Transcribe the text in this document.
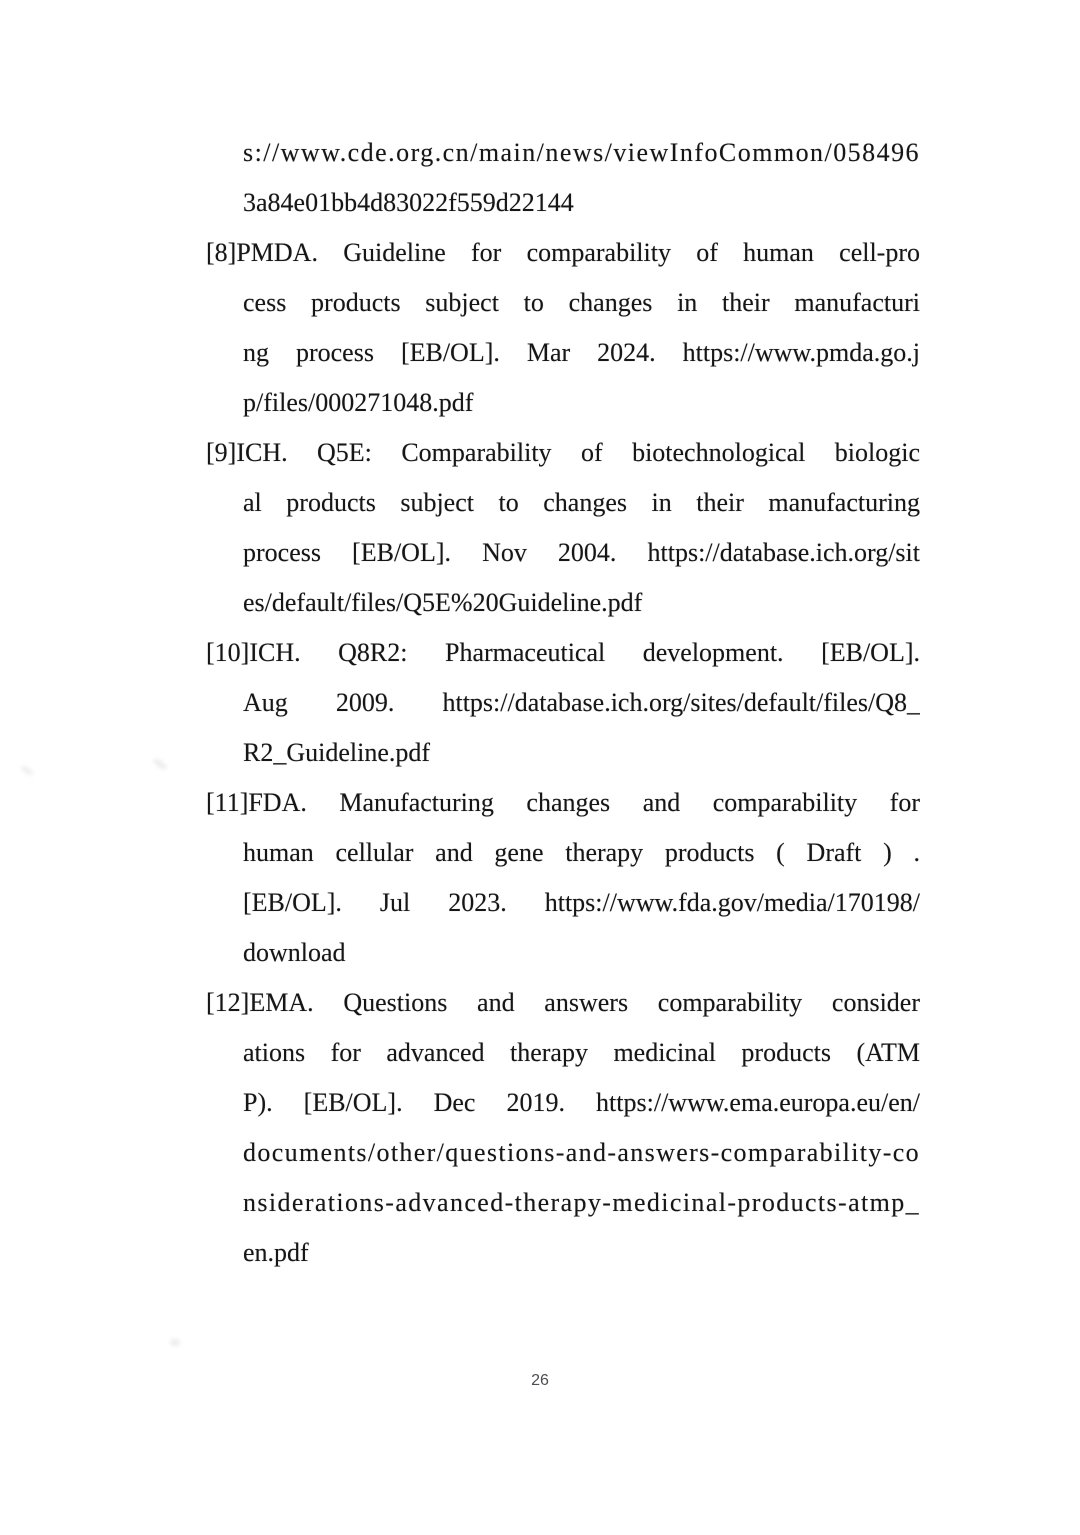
s://www.cde.org.cn/main/news/viewInfoCommon/058496
3a84e01bb4d83022f559d22144
[8]PMDA. Guideline for comparability of human cell-pro
cess products subject to changes in their manufacturi
ng process [EB/OL]. Mar 2024. https://www.pmda.go.j
p/files/000271048.pdf
[9]ICH. Q5E: Comparability of biotechnological biologic
al products subject to changes in their manufacturing
process [EB/OL]. Nov 2004. https://database.ich.org/sit
es/default/files/Q5E%20Guideline.pdf
[10]ICH. Q8R2: Pharmaceutical development. [EB/OL].
Aug 2009. https://database.ich.org/sites/default/files/Q8_
R2_Guideline.pdf
[11]FDA. Manufacturing changes and comparability for
human cellular and gene therapy products ( Draft ) .
[EB/OL]. Jul 2023. https://www.fda.gov/media/170198/
download
[12]EMA. Questions and answers comparability consider
ations for advanced therapy medicinal products (ATM
P). [EB/OL]. Dec 2019. https://www.ema.europa.eu/en/
documents/other/questions-and-answers-comparability-co
nsiderations-advanced-therapy-medicinal-products-atmp_
en.pdf
26
